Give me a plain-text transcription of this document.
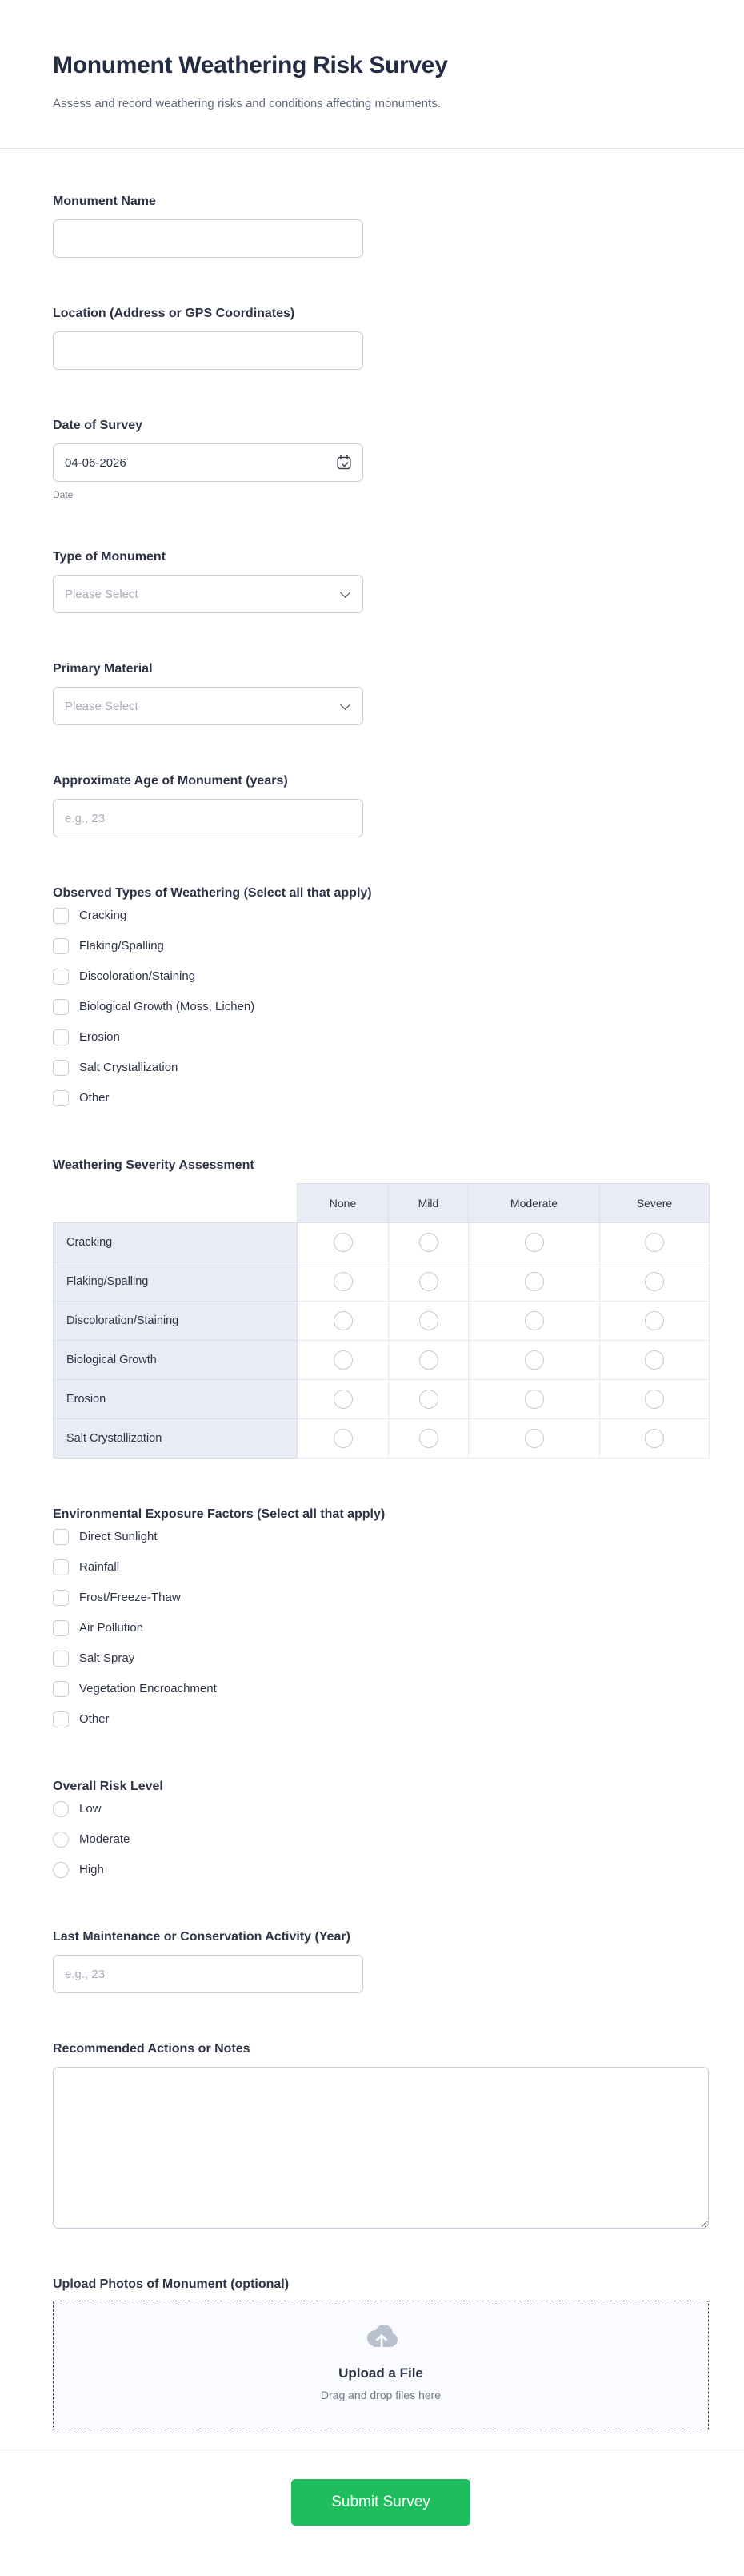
Monument Weathering Risk Survey

Assess and record weathering risks and conditions affecting monuments.

Monument Name
Location (Address or GPS Coordinates)
Date of Survey
04-06-2026
Date
Type of Monument
Please Select
Primary Material
Please Select
Approximate Age of Monument (years)
e.g., 23
Observed Types of Weathering (Select all that apply)
Cracking
Flaking/Spalling
Discoloration/Staining
Biological Growth (Moss, Lichen)
Erosion
Salt Crystallization
Other
Weathering Severity Assessment
	None	Mild	Moderate	Severe
Cracking				
Flaking/Spalling				
Discoloration/Staining				
Biological Growth				
Erosion				
Salt Crystallization				
Environmental Exposure Factors (Select all that apply)
Direct Sunlight
Rainfall
Frost/Freeze-Thaw
Air Pollution
Salt Spray
Vegetation Encroachment
Other
Overall Risk Level
Low
Moderate
High
Last Maintenance or Conservation Activity (Year)
e.g., 23
Recommended Actions or Notes
Upload Photos of Monument (optional)
Upload a File
Drag and drop files here
Submit Survey
